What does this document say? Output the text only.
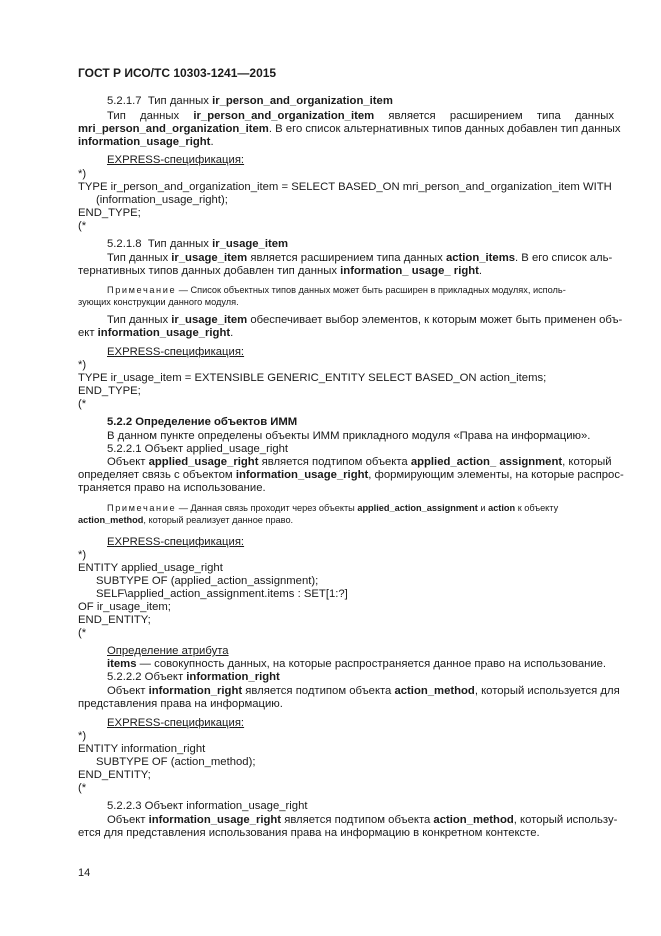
ГОСТ Р ИСО/ТС 10303-1241—2015
5.2.1.7 Тип данных ir_person_and_organization_item
Тип данных ir_person_and_organization_item является расширением типа данных
mri_person_and_organization_item. В его список альтернативных типов данных добавлен тип данных
information_usage_right.
EXPRESS-спецификация:
*)
TYPE ir_person_and_organization_item = SELECT BASED_ON mri_person_and_organization_item WITH
(information_usage_right);
END_TYPE;
(*
5.2.1.8 Тип данных ir_usage_item
Тип данных ir_usage_item является расширением типа данных action_items. В его список аль-
тернативных типов данных добавлен тип данных information_ usage_ right.
Примечание — Список объектных типов данных может быть расширен в прикладных модулях, исполь-
зующих конструкции данного модуля.
Тип данных ir_usage_item обеспечивает выбор элементов, к которым может быть применен объ-
ект information_usage_right.
EXPRESS-спецификация:
*)
TYPE ir_usage_item = EXTENSIBLE GENERIC_ENTITY SELECT BASED_ON action_items;
END_TYPE;
(*
5.2.2 Определение объектов ИММ
В данном пункте определены объекты ИММ прикладного модуля «Права на информацию».
5.2.2.1 Объект applied_usage_right
Объект applied_usage_right является подтипом объекта applied_action_ assignment, который
определяет связь с объектом information_usage_right, формирующим элементы, на которые распрос-
траняется право на использование.
Примечание — Данная связь проходит через объекты applied_action_assignment и action к объекту
action_method, который реализует данное право.
EXPRESS-спецификация:
*)
ENTITY applied_usage_right
SUBTYPE OF (applied_action_assignment);
SELF\applied_action_assignment.items : SET[1:?]
OF ir_usage_item;
END_ENTITY;
(*
Определение атрибута
items — совокупность данных, на которые распространяется данное право на использование.
5.2.2.2 Объект information_right
Объект information_right является подтипом объекта action_method, который используется для
представления права на информацию.
EXPRESS-спецификация:
*)
ENTITY information_right
SUBTYPE OF (action_method);
END_ENTITY;
(*
5.2.2.3 Объект information_usage_right
Объект information_usage_right является подтипом объекта action_method, который использу-
ется для представления использования права на информацию в конкретном контексте.
14
